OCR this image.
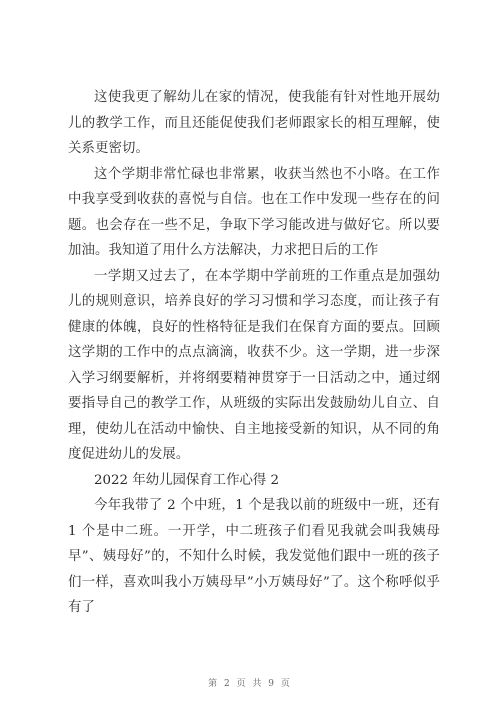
这使我更了解幼儿在家的情况，使我能有针对性地开展幼儿的教学工作，而且还能促使我们老师跟家长的相互理解，使关系更密切。

这个学期非常忙碌也非常累，收获当然也不小咯。在工作中我享受到收获的喜悦与自信。也在工作中发现一些存在的问题。也会存在一些不足，争取下学习能改进与做好它。所以要加油。我知道了用什么方法解决，力求把日后的工作

一学期又过去了，在本学期中学前班的工作重点是加强幼儿的规则意识，培养良好的学习习惯和学习态度，而让孩子有健康的体魄，良好的性格特征是我们在保育方面的要点。回顾这学期的工作中的点点滴滴，收获不少。这一学期，进一步深入学习纲要解析，并将纲要精神贯穿于一日活动之中，通过纲要指导自己的教学工作，从班级的实际出发鼓励幼儿自立、自理，使幼儿在活动中愉快、自主地接受新的知识，从不同的角度促进幼儿的发展。

2022 年幼儿园保育工作心得 2

今年我带了 2 个中班，1 个是我以前的班级中一班，还有 1 个是中二班。一开学，中二班孩子们看见我就会叫我姨母早”、姨母好”的，不知什么时候，我发觉他们跟中一班的孩子们一样，喜欢叫我小万姨母早”小万姨母好”了。这个称呼似乎有了

第 2 页 共 9 页
